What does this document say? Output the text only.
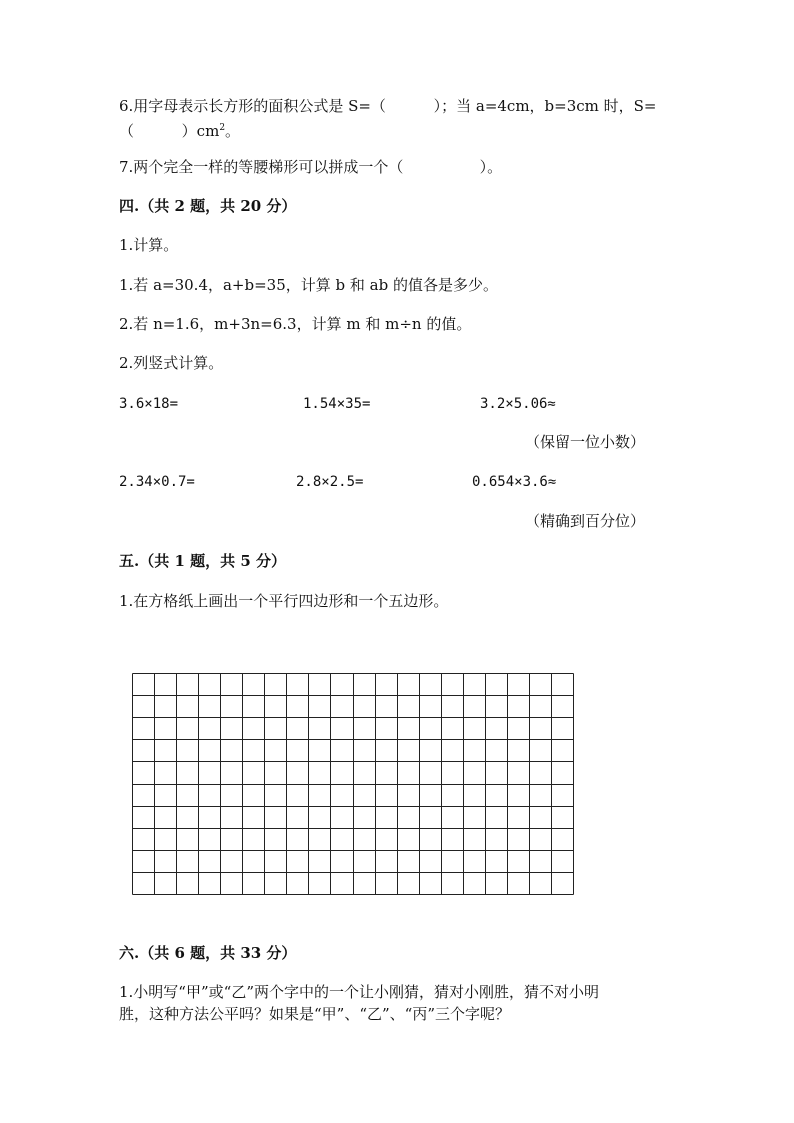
6.用字母表示长方形的面积公式是 S=（          ）；当 a=4cm，b=3cm 时，S=
（          ）$cm^2$。
7.两个完全一样的等腰梯形可以拼成一个（                ）。
四.（共 2 题，共 20 分）
1.计算。
1.若 a=30.4，a+b=35，计算 b 和 ab 的值各是多少。
2.若 n=1.6，m+3n=6.3，计算 m 和 m÷n 的值。
2.列竖式计算。
3.6×18=	1.54×35=	3.2×5.06≈
（保留一位小数）
2.34×0.7=	2.8×2.5=	0.654×3.6≈
（精确到百分位）
五.（共 1 题，共 5 分）
1.在方格纸上画出一个平行四边形和一个五边形。
六.（共 6 题，共 33 分）
1.小明写“甲”或“乙”两个字中的一个让小刚猜，猜对小刚胜，猜不对小明
胜，这种方法公平吗？如果是“甲”、“乙”、“丙”三个字呢？
